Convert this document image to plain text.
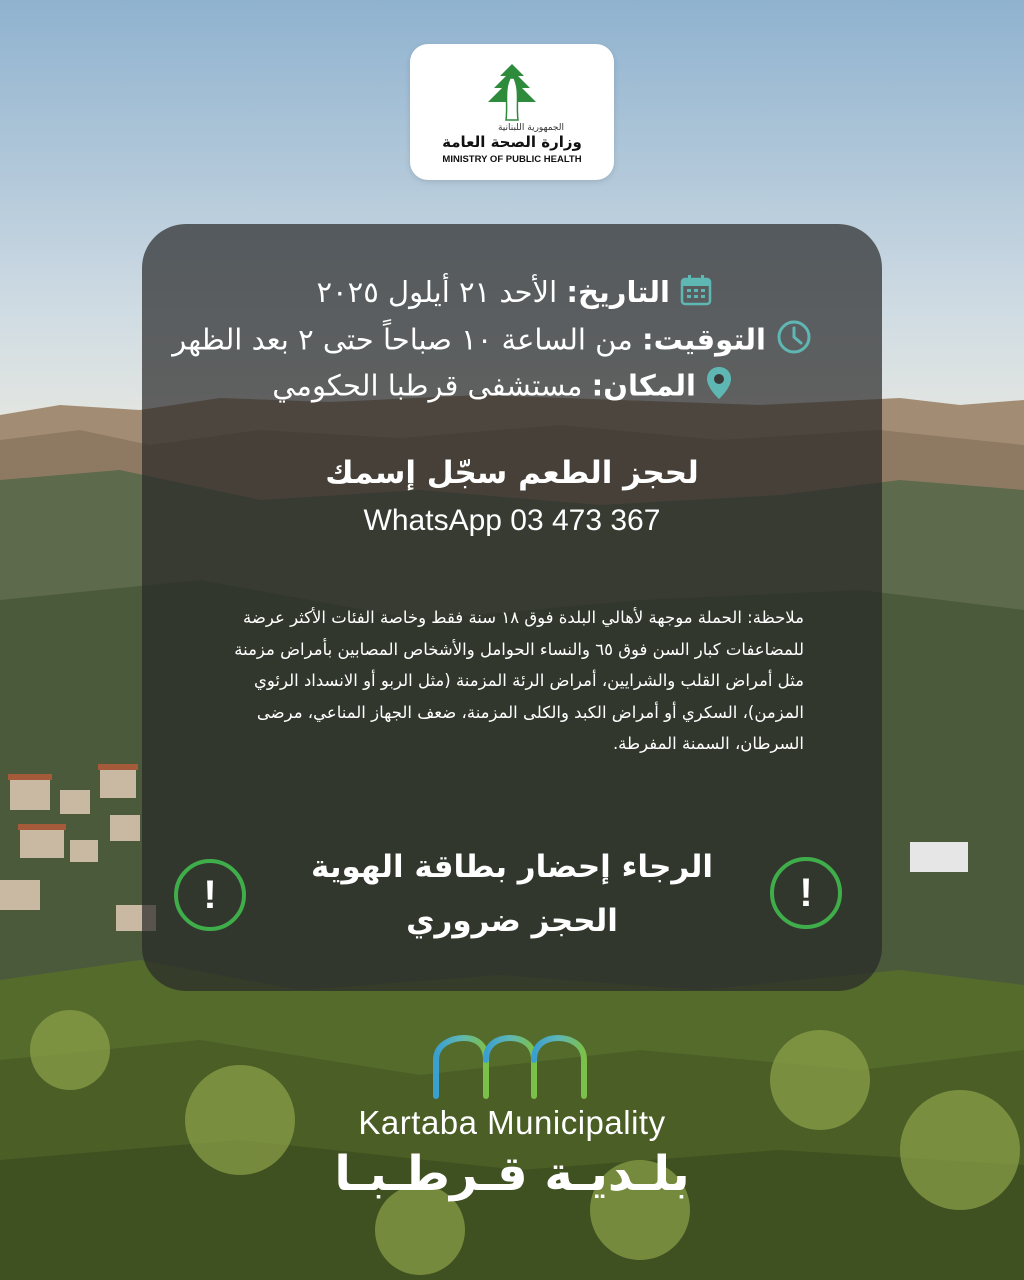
الجمهورية اللبنانية
وزارة الصحة العامة
MINISTRY OF PUBLIC HEALTH
التاريخ: الأحد ٢١ أيلول ٢٠٢٥
التوقيت: من الساعة ١٠ صباحاً حتى ٢ بعد الظهر
المكان: مستشفى قرطبا الحكومي
لحجز الطعم سجّل إسمك
WhatsApp 03 473 367
ملاحظة: الحملة موجهة لأهالي البلدة فوق ١٨ سنة فقط وخاصة الفئات الأكثر عرضة للمضاعفات كبار السن فوق ٦٥ والنساء الحوامل والأشخاص المصابين بأمراض مزمنة مثل أمراض القلب والشرايين، أمراض الرئة المزمنة (مثل الربو أو الانسداد الرئوي المزمن)، السكري أو أمراض الكبد والكلى المزمنة، ضعف الجهاز المناعي، مرضى السرطان، السمنة المفرطة.
!
!
الرجاء إحضار بطاقة الهوية
الحجز ضروري
Kartaba Municipality
بلـديـة قـرطـبـا
